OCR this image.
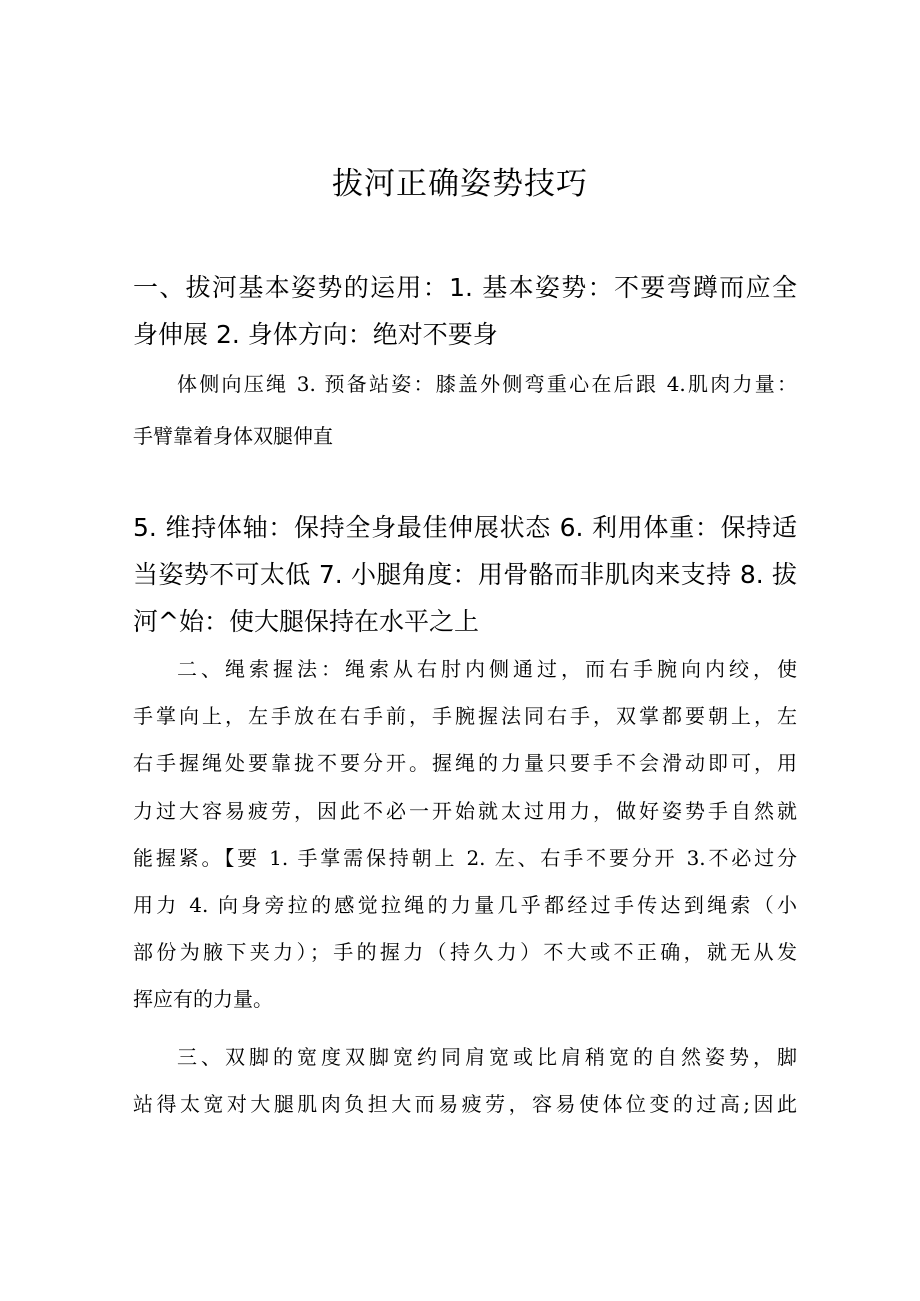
拔河正确姿势技巧
一、拔河基本姿势的运用：1. 基本姿势：不要弯蹲而应全
身伸展 2. 身体方向：绝对不要身
体侧向压绳 3. 预备站姿：膝盖外侧弯重心在后跟 4.肌肉力量：
手臂靠着身体双腿伸直
5. 维持体轴：保持全身最佳伸展状态 6. 利用体重：保持适
当姿势不可太低 7. 小腿角度：用骨骼而非肌肉来支持 8. 拔
河^始：使大腿保持在水平之上
二、绳索握法：绳索从右肘内侧通过，而右手腕向内绞，使
手掌向上，左手放在右手前，手腕握法同右手，双掌都要朝上，左
右手握绳处要靠拢不要分开。握绳的力量只要手不会滑动即可，用
力过大容易疲劳，因此不必一开始就太过用力，做好姿势手自然就
能握紧。【要 1. 手掌需保持朝上 2. 左、右手不要分开 3.不必过分
用力 4. 向身旁拉的感觉拉绳的力量几乎都经过手传达到绳索（小
部份为腋下夹力）；手的握力（持久力）不大或不正确，就无从发
挥应有的力量。
三、双脚的宽度双脚宽约同肩宽或比肩稍宽的自然姿势，脚
站得太宽对大腿肌肉负担大而易疲劳，容易使体位变的过高;因此
